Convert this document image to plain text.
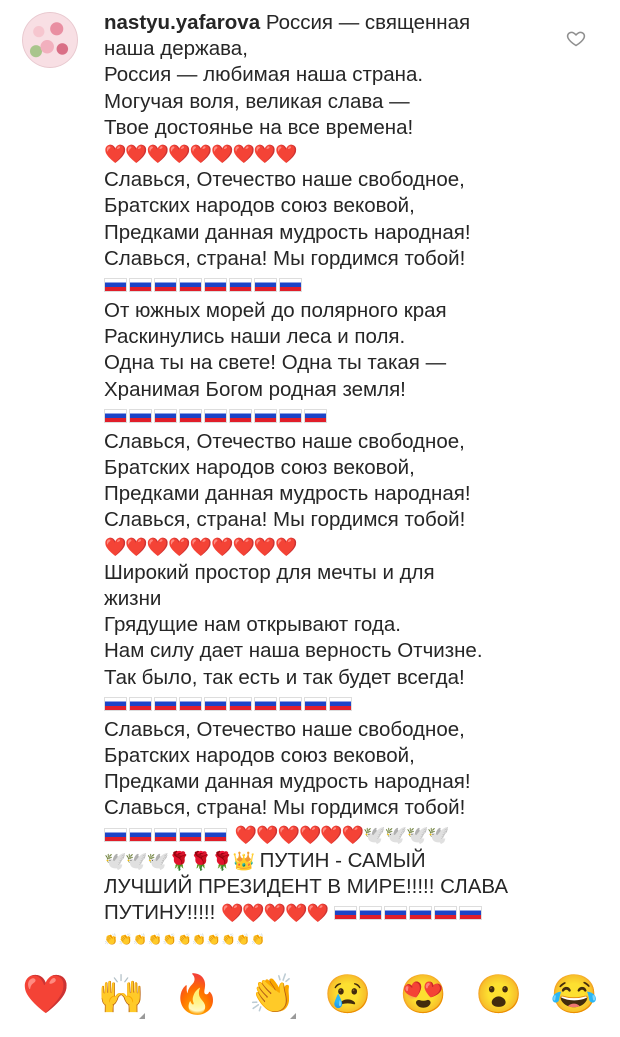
nastyu.yafarova Россия — священная
наша держава,
Россия — любимая наша страна.
Могучая воля, великая слава —
Твое достоянье на все времена!
❤️❤️❤️❤️❤️❤️❤️❤️❤️
Славься, Отечество наше свободное,
Братских народов союз вековой,
Предками данная мудрость народная!
Славься, страна! Мы гордимся тобой!
От южных морей до полярного края
Раскинулись наши леса и поля.
Одна ты на свете! Одна ты такая —
Хранимая Богом родная земля!
Славься, Отечество наше свободное,
Братских народов союз вековой,
Предками данная мудрость народная!
Славься, страна! Мы гордимся тобой!
❤️❤️❤️❤️❤️❤️❤️❤️❤️
Широкий простор для мечты и для
жизни
Грядущие нам открывают года.
Нам силу дает наша верность Отчизне.
Так было, так есть и так будет всегда!
Славься, Отечество наше свободное,
Братских народов союз вековой,
Предками данная мудрость народная!
Славься, страна! Мы гордимся тобой!
❤️❤️❤️❤️❤️❤️🕊️🕊️🕊️🕊️
🕊️🕊️🕊️🌹🌹🌹👑 ПУТИН - САМЫЙ
ЛУЧШИЙ ПРЕЗИДЕНТ В МИРЕ!!!!! СЛАВА
ПУТИНУ!!!!! ❤️❤️❤️❤️❤️
👏👏👏👏👏👏👏👏👏👏👏
❤️ 🙌 🔥 👏 😢 😍 😮 😂
